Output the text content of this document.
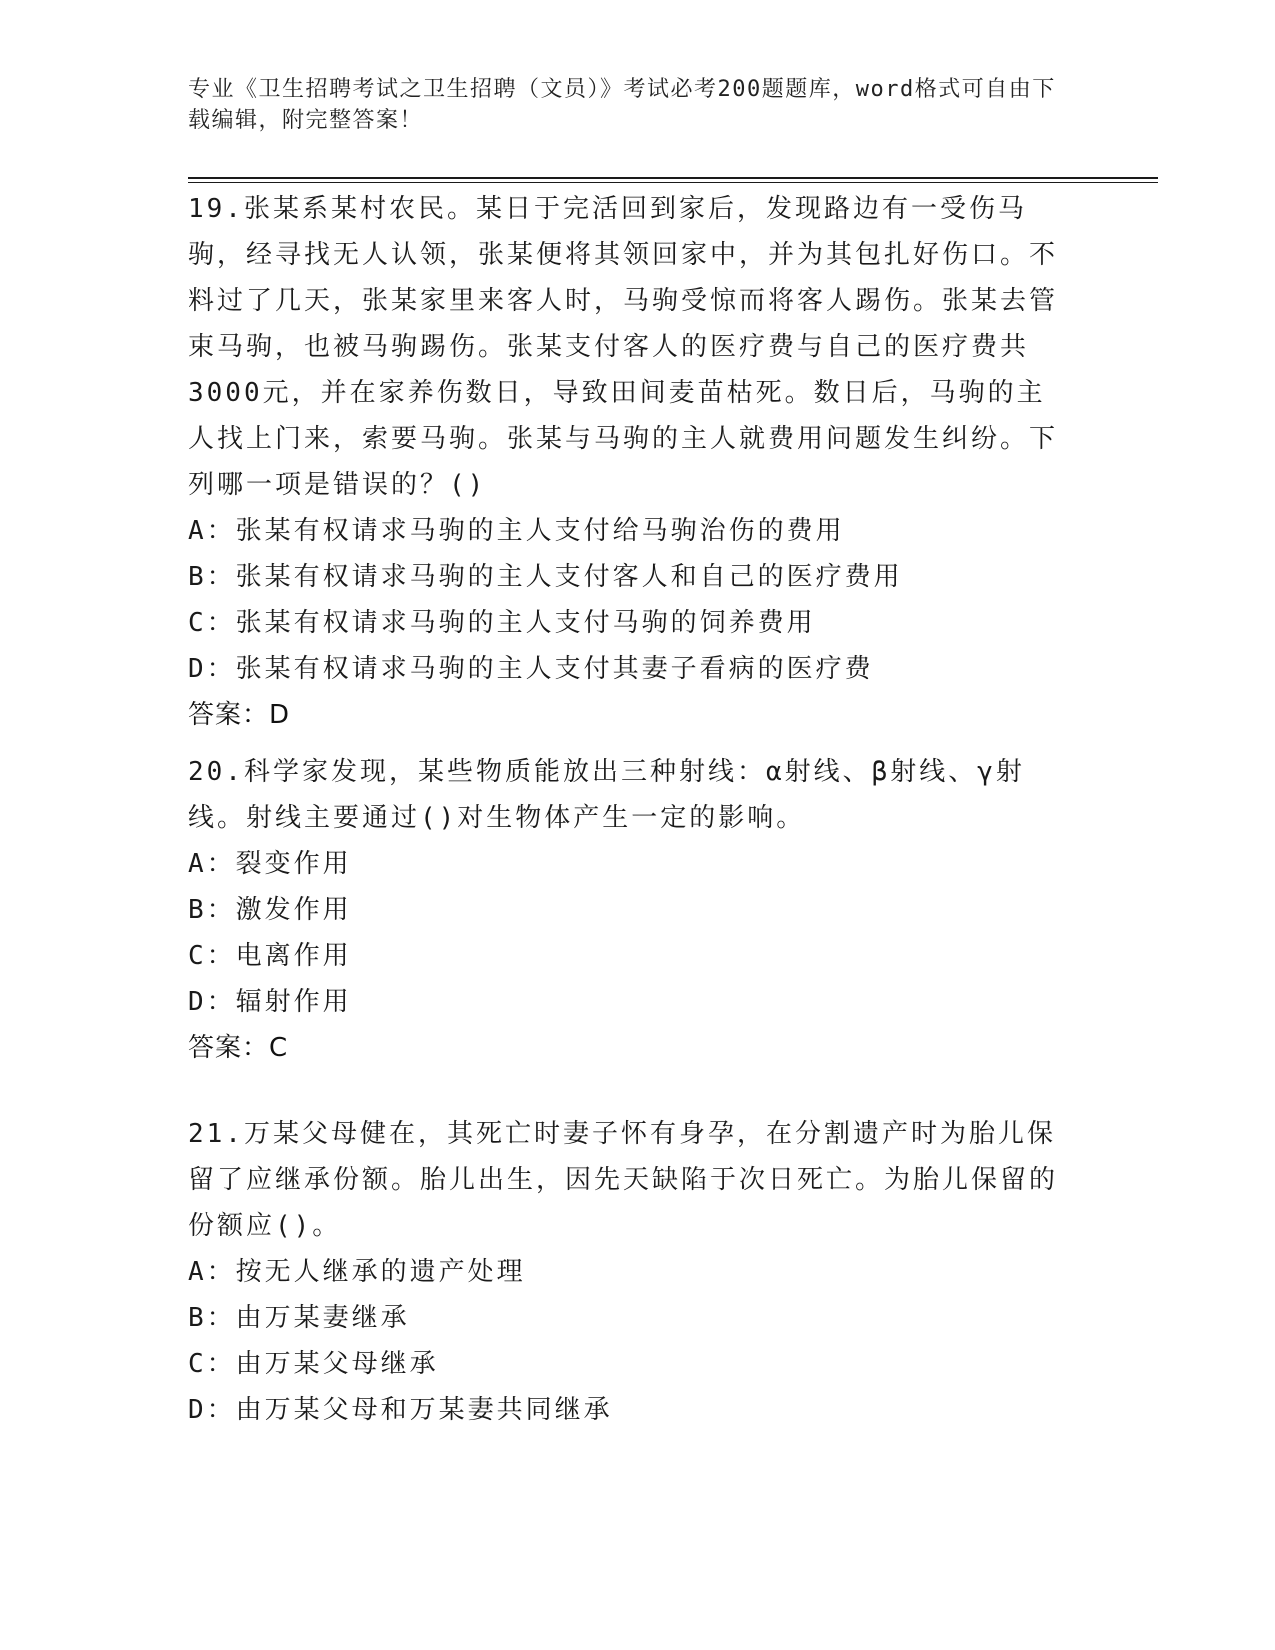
专业《卫生招聘考试之卫生招聘（文员）》考试必考200题题库，word格式可自由下载编辑，附完整答案！

19.张某系某村农民。某日于完活回到家后，发现路边有一受伤马驹，经寻找无人认领，张某便将其领回家中，并为其包扎好伤口。不料过了几天，张某家里来客人时，马驹受惊而将客人踢伤。张某去管束马驹，也被马驹踢伤。张某支付客人的医疗费与自己的医疗费共3000元，并在家养伤数日，导致田间麦苗枯死。数日后，马驹的主人找上门来，索要马驹。张某与马驹的主人就费用问题发生纠纷。下列哪一项是错误的？()

A：张某有权请求马驹的主人支付给马驹治伤的费用

B：张某有权请求马驹的主人支付客人和自己的医疗费用

C：张某有权请求马驹的主人支付马驹的饲养费用

D：张某有权请求马驹的主人支付其妻子看病的医疗费

答案：D

20.科学家发现，某些物质能放出三种射线：α射线、β射线、γ射线。射线主要通过()对生物体产生一定的影响。

A：裂变作用

B：激发作用

C：电离作用

D：辐射作用

答案：C

21.万某父母健在，其死亡时妻子怀有身孕，在分割遗产时为胎儿保留了应继承份额。胎儿出生，因先天缺陷于次日死亡。为胎儿保留的份额应()。

A：按无人继承的遗产处理

B：由万某妻继承

C：由万某父母继承

D：由万某父母和万某妻共同继承
